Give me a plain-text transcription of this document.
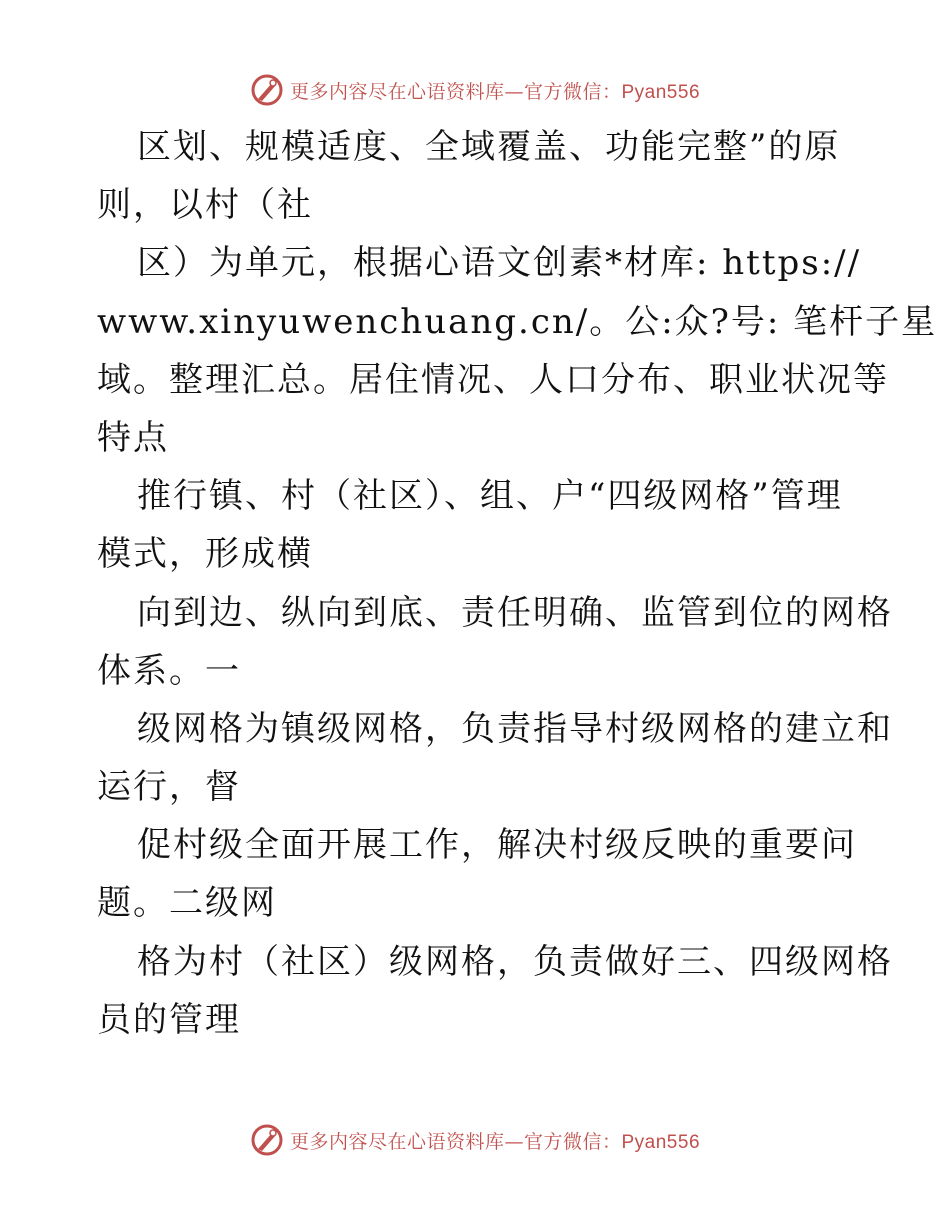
更多内容尽在心语资料库—官方微信：Pyan556
区划、规模适度、全域覆盖、功能完整”的原
则，以村（社
区）为单元，根据心语文创素*材库: https://
www.xinyuwenchuang.cn/。公:众?号: 笔杆子星
域。整理汇总。居住情况、人口分布、职业状况等
特点
推行镇、村（社区）、组、户“四级网格”管理
模式，形成横
向到边、纵向到底、责任明确、监管到位的网格
体系。一
级网格为镇级网格，负责指导村级网格的建立和
运行，督
促村级全面开展工作，解决村级反映的重要问
题。二级网
格为村（社区）级网格，负责做好三、四级网格
员的管理
更多内容尽在心语资料库—官方微信：Pyan556
